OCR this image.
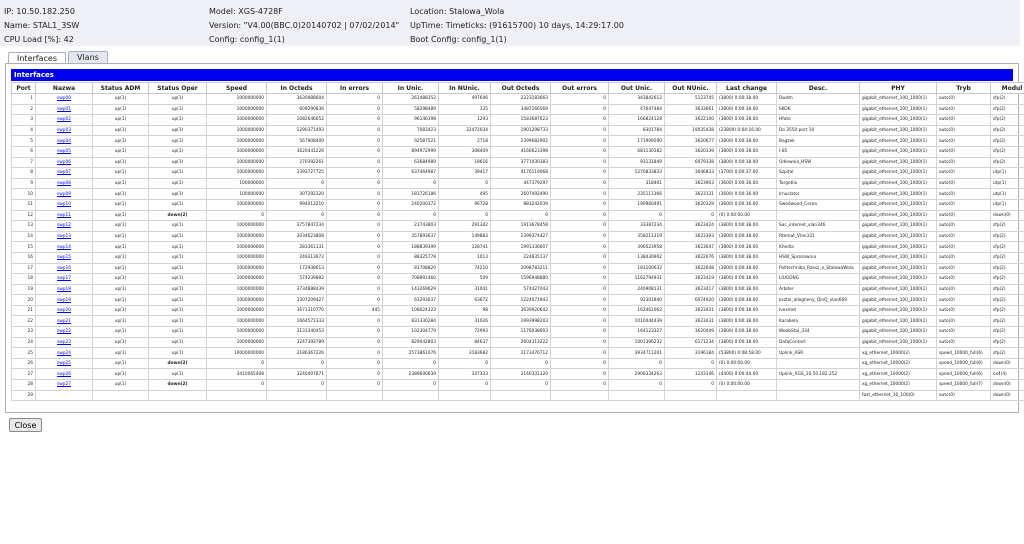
IP: 10.50.182.250
Name: STAL1_3SW
CPU Load [%]: 42
Model: XGS-4728F
Version: "V4.00(BBC.0)20140702 | 07/02/2014"
Config: config_1(1)
Location: Stalowa_Wola
UpTime: Timeticks: (91615700) 10 days, 14:29:17.00
Boot Config: config_1(1)
Interfaces	Vlans
Interfaces
Port	Nazwa	Status ADM	Status Oper	Speed	In Octeds	In errors	In Unic.	In NUnic.	Out Octeds	Out errors	Out Unic.	Out NUnic.	Last change	Desc.	PHY	Tryb	Modul
1	swp00	up(1)	up(1)	1000000000	3630988604	0	261488352	497646	2223183663	0	343842612	5123745	(3800) 0:00:38.00	Dwdm	gigabit_ethernet_100_1000(1)	auto(0)	sfp(2)
2	swp01	up(1)	up(1)	1000000000	609290836	0	58298489	335	3487166569	0	47647484	3633661	(3800) 0:00:38.00	SKOK	gigabit_ethernet_100_1000(1)	auto(0)	sfp(2)
3	swp02	up(1)	up(1)	1000000000	1082646652	0	96146398	1293	1583687023	0	166824128	3622100	(3800) 0:00:38.00	Hfate	gigabit_ethernet_100_1000(1)	auto(0)	sfp(2)
4	swp03	up(1)	up(1)	1000000000	1290371493	0	7083423	32472034	1901298733	0	8301784	19035438	(23800) 0:04:16.00	Do 3550 port 10	gigabit_ethernet_100_1000(1)	auto(0)	sfp(2)
5	swp04	up(1)	up(1)	1000000000	567908400	0	92587521	2718	2399682902	0	171909590	3620677	(3800) 0:00:38.00	Bagzek	gigabit_ethernet_100_1000(1)	auto(0)	sfp(2)
6	swp05	up(1)	up(1)	1000000000	3620441226	0	894972999	308409	4166623398	0	681130182	3620339	(3800) 0:00:38.00	I-85	gigabit_ethernet_100_1000(1)	auto(0)	sfp(2)
7	swp06	up(1)	up(1)	1000000000	270392261	0	63684989	18616	3771030383	0	93131849	6079338	(3800) 0:00:38.00	Odlewnia_HSW	gigabit_ethernet_100_1000(1)	auto(0)	sfp(2)
8	swp07	up(1)	up(1)	1000000000	3393727725	0	637464987	39417	4176119068	0	1270833833	3646833	(3700) 0:00:37.00	Szpital	gigabit_ethernet_100_1000(1)	auto(0)	utp(1)
9	swp08	up(1)	up(1)	100000000	0	0	0	0	447379297	0	318401	3623903	(3600) 0:00:36.00	Targetlix	gigabit_ethernet_100_1000(1)	auto(0)	utp(1)
10	swp09	up(1)	up(1)	100000000	307292320	0	183726186	495	2607492490	0	235111366	3623131	(3600) 0:00:36.00	Irnuslator	gigabit_ethernet_100_1000(1)	auto(0)	utp(1)
11	swp10	up(1)	up(1)	1000000000	994013210	0	240200372	96728	883242039	0	190960491	3620329	(3600) 0:00:36.00	Swedwood_Cerea	gigabit_ethernet_100_1000(1)	auto(0)	utp(1)
12	swp11	up(1)	down(2)	0	0	0	0	0	0	0	0	0	(0) 0:00:00.00		gigabit_ethernet_100_1000(1)	auto(0)	down(0)
13	swp12	up(1)	up(1)	1000000000	3757847234	0	23743803	291342	1913678458	0	33387234	3623424	(3800) 0:00:38.00	Sac_internet_vlan346	gigabit_ethernet_100_1000(1)	auto(0)	sfp(2)
14	swp13	up(1)	up(1)	1000000000	3034623808	0	357893637	149883	2399374427	0	358211319	3623393	(3800) 0:00:38.00	Rtemat_Vlan331	gigabit_ethernet_100_1000(1)	auto(0)	sfp(2)
15	swp14	up(1)	up(1)	1000000000	283361131	0	188839399	128741	1991336607	0	396523958	3623647	(3800) 0:00:38.00	Khedla	gigabit_ethernet_100_1000(1)	auto(0)	sfp(2)
16	swp15	up(1)	up(1)	1000000000	249313972	0	88325778	1013	224835137	0	138430902	3622676	(3800) 0:00:38.00	HSW_Sprezownia	gigabit_ethernet_100_1000(1)	auto(0)	sfp(2)
17	swp16	up(1)	up(1)	1000000000	172938613	0	81708820	74210	2098783211	0	183100632	3622648	(3800) 0:00:38.00	Politechnika_Rzesz_o_StalowaWola	gigabit_ethernet_100_1000(1)	auto(0)	sfp(2)
18	swp17	up(1)	up(1)	1000000000	574239882	0	708891460	509	1596948880	0	1162794931	3623419	(3800) 0:00:38.00	LIUGONG	gigabit_ethernet_100_1000(1)	auto(0)	sfp(2)
19	swp18	up(1)	up(1)	1000000000	3734888439	0	143269629	31041	574427043	0	240908131	3623417	(3800) 0:00:38.00	Arbiter	gigabit_ethernet_100_1000(1)	auto(0)	sfp(2)
20	swp19	up(1)	up(1)	1000000000	3307209427	0	63293037	63672	1224071943	0	92301840	6074920	(3800) 0:00:38.00	ksztal_allegheny_QinQ_vlan669	gigabit_ethernet_100_1000(1)	auto(0)	sfp(2)
21	swp20	up(1)	up(1)	1000000000	3671310770	445	108024323	98	3639920642	0	162461062	3623431	(3800) 0:00:38.00	Ivesmet	gigabit_ethernet_100_1000(1)	auto(0)	sfp(2)
22	swp21	up(1)	up(1)	1000000000	1664571333	0	831330284	31026	1993998203	0	1010444439	3623431	(3800) 0:00:38.00	Karabela	gigabit_ethernet_100_1000(1)	auto(0)	sfp(2)
23	swp22	up(1)	up(1)	1000000000	3131340453	0	102304779	72993	1176038603	0	164123327	3620449	(3800) 0:00:38.00	WoobStal_334	gigabit_ethernet_100_1000(1)	auto(0)	sfp(2)
24	swp23	up(1)	up(1)	1000000000	3247393789	0	829442803	84637	2604313222	0	1001396232	6171234	(3800) 0:00:38.00	DataContact	gigabit_ethernet_100_1000(1)	auto(0)	sfp(2)
25	swp24	up(1)	up(1)	10000000000	2186367226	0	2573861076	3183682	1173476712	0	3934711201	3196184	(53800) 0:08:58.00	Uplink_ASR	xg_ethernet_10000(2)	speed_10000_full(6)	sfp(2)
26	swp25	up(1)	down(2)	0	0	0	0	0	0	0	0	0	(0) 0:00:00.00		xg_ethernet_10000(2)	speed_10000_full(6)	down(0)
27	swp26	up(1)	up(1)	3410065408	3240407871	0	2389600639	337333	2140331320	0	2906334263	1243146	(4400) 0:00:44.00	Uplink_XGS_10.50.182.252	xg_ethernet_10000(2)	speed_10000_full(6)	cx4(4)
28	swp27	up(1)	down(2)	0	0	0	0	0	0	0	0	0	(0) 0:00:00.00		xg_ethernet_10000(2)	speed_10000_full(7)	down(0)
29															fast_ethernet_10_100(0)	auto(0)	down(0)
Close
